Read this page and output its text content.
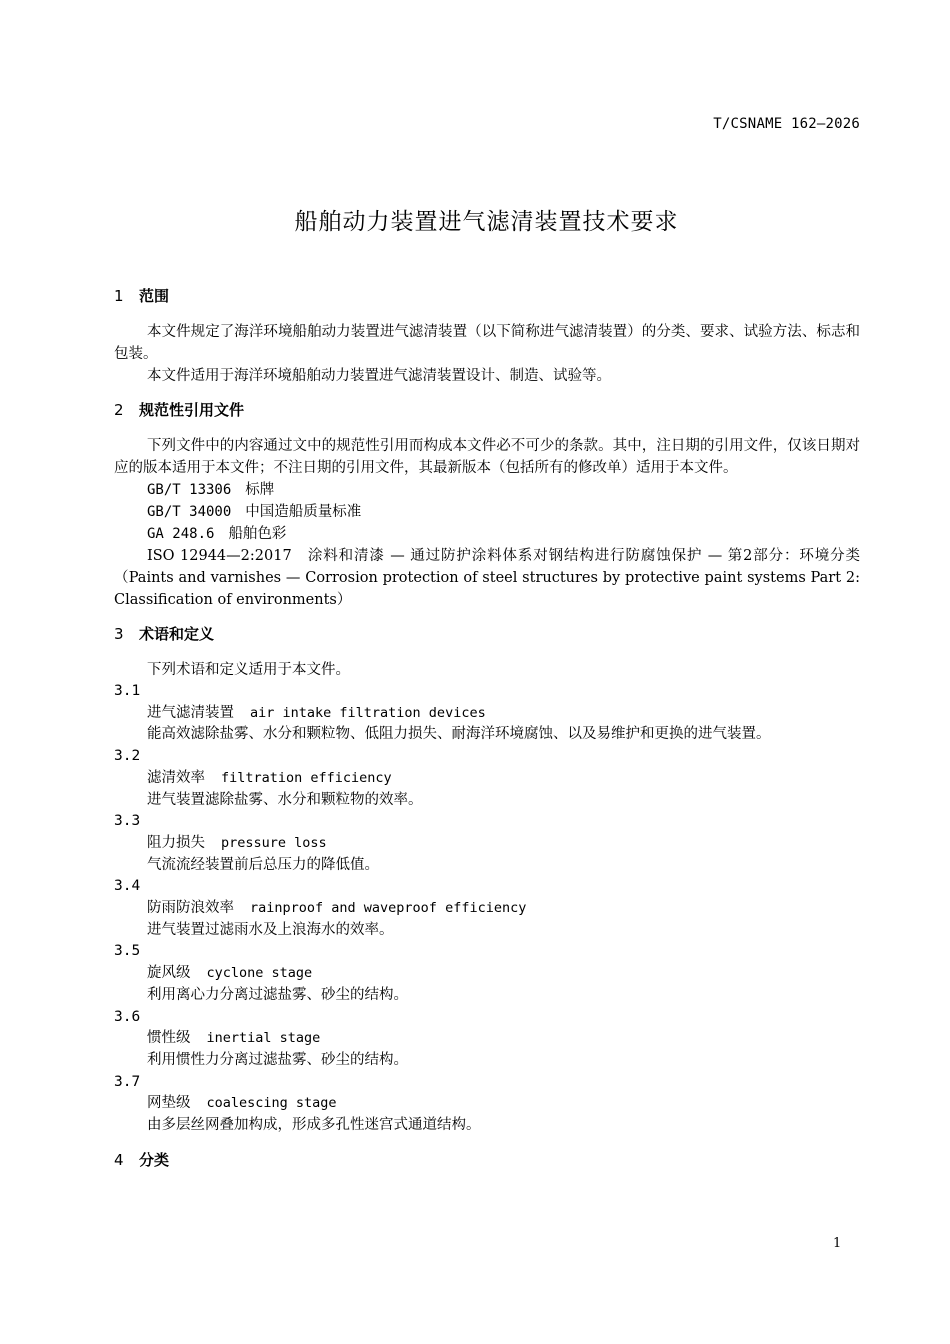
T/CSNAME 162—2026
船舶动力装置进气滤清装置技术要求
1 范围

本文件规定了海洋环境船舶动力装置进气滤清装置（以下简称进气滤清装置）的分类、要求、试验方法、标志和包装。

本文件适用于海洋环境船舶动力装置进气滤清装置设计、制造、试验等。

2 规范性引用文件

下列文件中的内容通过文中的规范性引用而构成本文件必不可少的条款。其中，注日期的引用文件，仅该日期对应的版本适用于本文件；不注日期的引用文件，其最新版本（包括所有的修改单）适用于本文件。

GB/T 13306 标牌
GB/T 34000 中国造船质量标准
GA 248.6 船舶色彩

ISO 12944—2:2017　涂料和清漆 — 通过防护涂料体系对钢结构进行防腐蚀保护 — 第2部分：环境分类（Paints and varnishes — Corrosion protection of steel structures by protective paint systems Part 2: Classification of environments）

3 术语和定义

下列术语和定义适用于本文件。

3.1
进气滤清装置 air intake filtration devices
能高效滤除盐雾、水分和颗粒物、低阻力损失、耐海洋环境腐蚀、以及易维护和更换的进气装置。
3.2
滤清效率 filtration efficiency
进气装置滤除盐雾、水分和颗粒物的效率。
3.3
阻力损失 pressure loss
气流流经装置前后总压力的降低值。
3.4
防雨防浪效率 rainproof and waveproof efficiency
进气装置过滤雨水及上浪海水的效率。
3.5
旋风级 cyclone stage
利用离心力分离过滤盐雾、砂尘的结构。
3.6
惯性级 inertial stage
利用惯性力分离过滤盐雾、砂尘的结构。
3.7
网垫级 coalescing stage
由多层丝网叠加构成，形成多孔性迷宫式通道结构。
4 分类
1
